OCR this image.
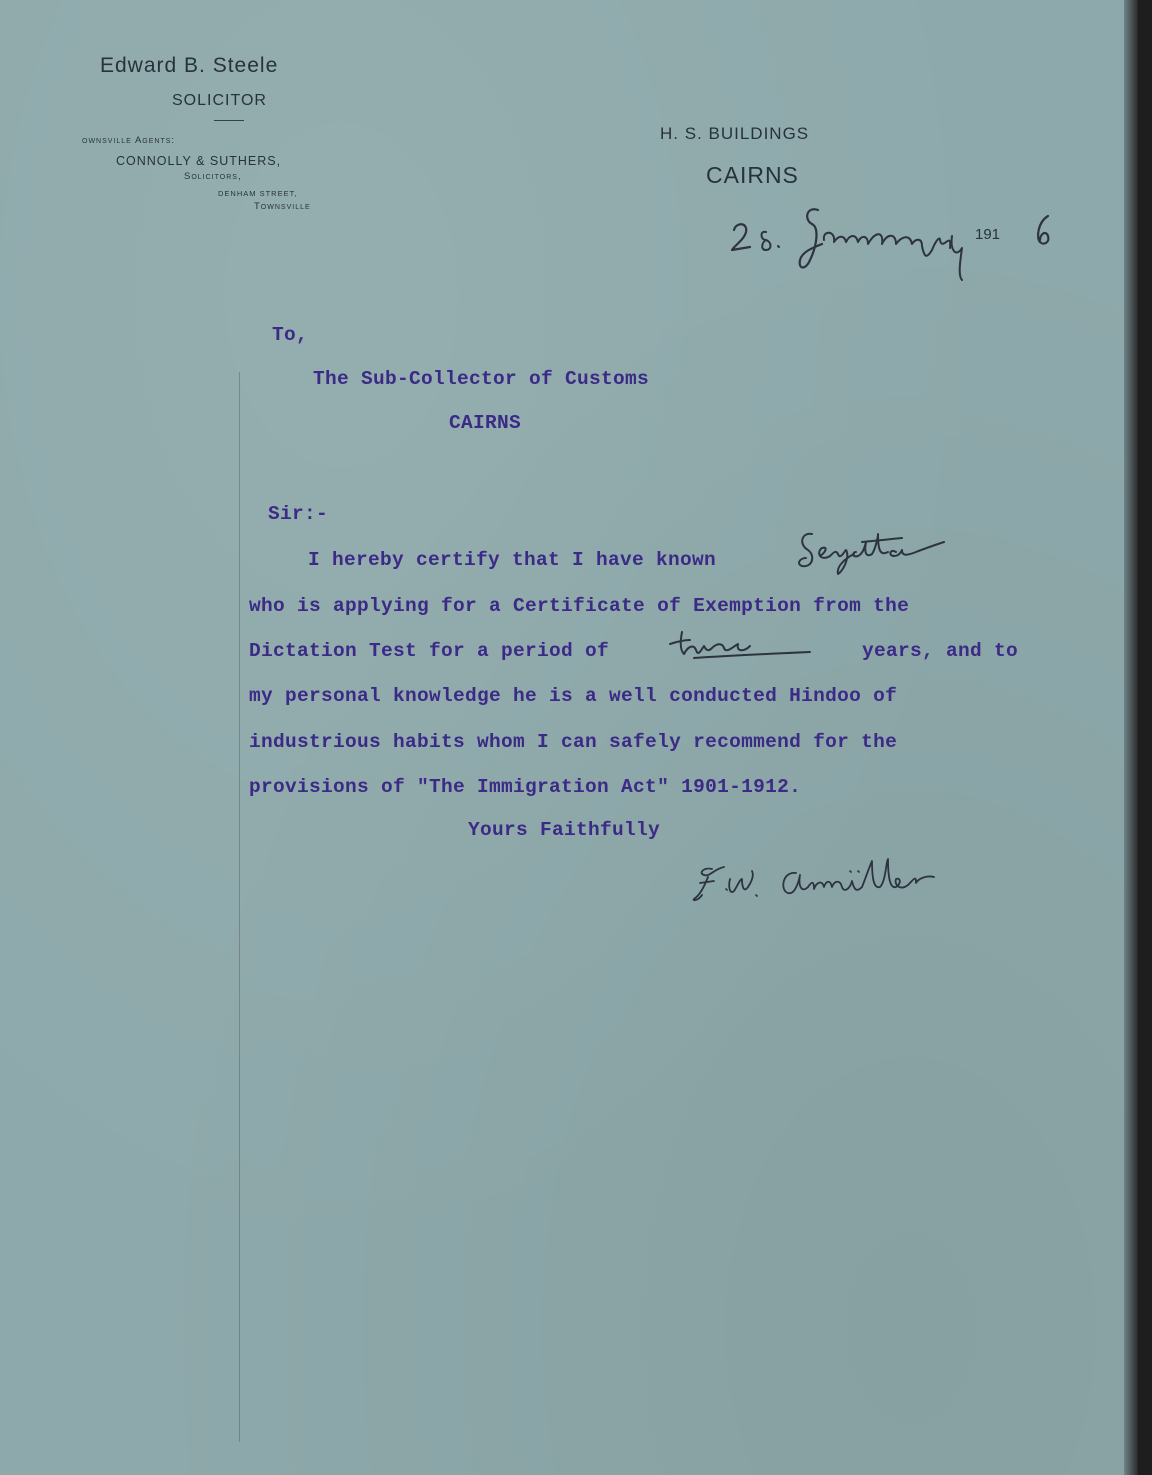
Edward B. Steele
SOLICITOR
ownsville Agents:
CONNOLLY & SUTHERS,
Solicitors,
DENHAM STREET,
Townsville
H. S. BUILDINGS
CAIRNS
191
To,
The Sub-Collector of Customs
CAIRNS
Sir:-
I hereby certify that I have known
who is applying for a Certificate of Exemption from the
Dictation Test for a period of	years, and to
my personal knowledge he is a well conducted Hindoo of
industrious habits whom I can safely recommend for the
provisions of "The Immigration Act" 1901-1912.
Yours Faithfully
